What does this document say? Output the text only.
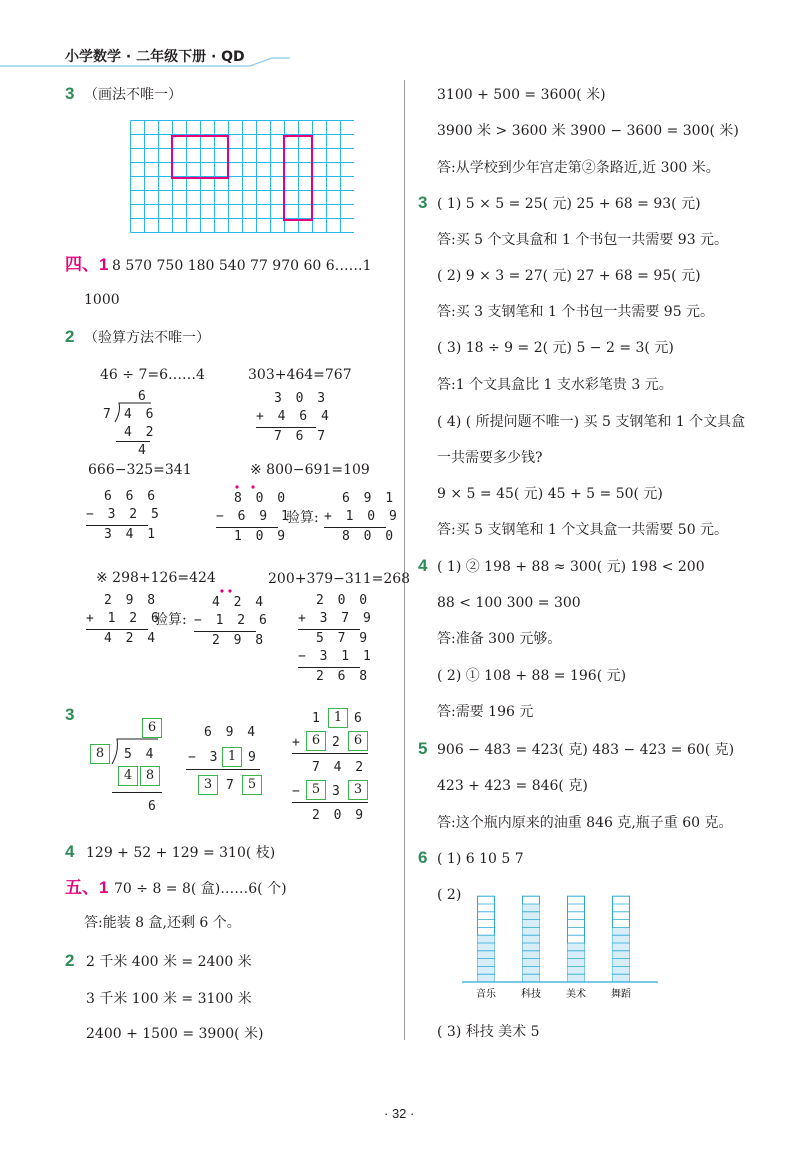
小学数学 · 二年级下册 · QD
3 （画法不唯一）
四、1 8 570 750 180 540 77 970 60 6……1
1000
2 （验算方法不唯一）
46 ÷ 7=6……4
6
7 4 6
4 2
4
303+464=767
3 0 3
+ 4 6 4
7 6 7
666−325=341
6 6 6
− 3 2 5
3 4 1
※ 800−691=109
8 0 0
− 6 9 1
1 0 9
验算:
6 9 1
+ 1 0 9
8 0 0
※ 298+126=424
2 9 8
+ 1 2 6
4 2 4
验算:
4 2 4
− 1 2 6
2 9 8
200+379−311=268
2 0 0
+ 3 7 9
5 7 9
− 3 1 1
2 6 8
3
6
8	5 4
4	8
6
6 9 4
− 3 1 9
3	7 5
1 1 6
+ 6 2 6
7 4 2
− 5 3 3
2 0 9
4 129 + 52 + 129 = 310( 枝)
五、1 70 ÷ 8 = 8( 盒)……6( 个)
答:能装 8 盒,还剩 6 个。
2 2 千米 400 米 = 2400 米
3 千米 100 米 = 3100 米
2400 + 1500 = 3900( 米)
3100 + 500 = 3600( 米)
3900 米 > 3600 米 3900 − 3600 = 300( 米)
答:从学校到少年宫走第②条路近,近 300 米。
3 ( 1) 5 × 5 = 25( 元) 25 + 68 = 93( 元)
答:买 5 个文具盒和 1 个书包一共需要 93 元。
( 2) 9 × 3 = 27( 元) 27 + 68 = 95( 元)
答:买 3 支钢笔和 1 个书包一共需要 95 元。
( 3) 18 ÷ 9 = 2( 元) 5 − 2 = 3( 元)
答:1 个文具盒比 1 支水彩笔贵 3 元。
( 4) ( 所提问题不唯一) 买 5 支钢笔和 1 个文具盒
一共需要多少钱?
9 × 5 = 45( 元) 45 + 5 = 50( 元)
答:买 5 支钢笔和 1 个文具盒一共需要 50 元。
4 ( 1) ② 198 + 88 ≈ 300( 元) 198 < 200
88 < 100 300 = 300
答:准备 300 元够。
( 2) ① 108 + 88 = 196( 元)
答:需要 196 元
5 906 − 483 = 423( 克) 483 − 423 = 60( 克)
423 + 423 = 846( 克)
答:这个瓶内原来的油重 846 克,瓶子重 60 克。
6 ( 1) 6 10 5 7
( 2)
音乐	科技	美术	舞蹈
( 3) 科技 美术 5
· 32 ·
